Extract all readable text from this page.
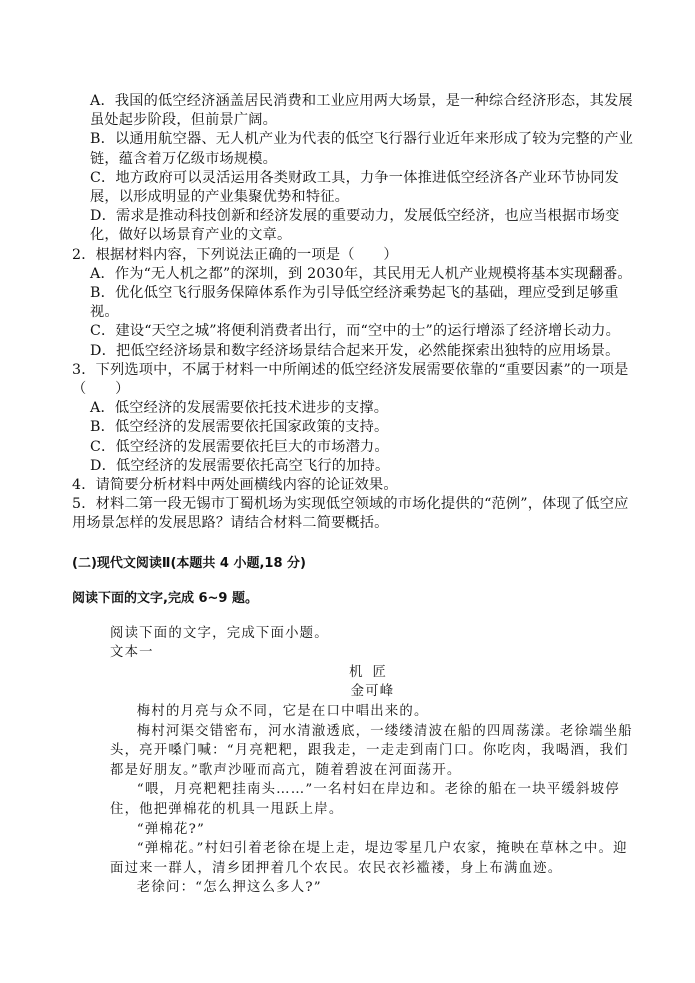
A．我国的低空经济涵盖居民消费和工业应用两大场景，是一种综合经济形态，其发展虽处起步阶段，但前景广阔。

B．以通用航空器、无人机产业为代表的低空飞行器行业近年来形成了较为完整的产业链，蕴含着万亿级市场规模。

C．地方政府可以灵活运用各类财政工具，力争一体推进低空经济各产业环节协同发展，以形成明显的产业集聚优势和特征。

D．需求是推动科技创新和经济发展的重要动力，发展低空经济，也应当根据市场变化，做好以场景育产业的文章。

2．根据材料内容，下列说法正确的一项是（　　）

A．作为“无人机之都”的深圳，到 2030年，其民用无人机产业规模将基本实现翻番。

B．优化低空飞行服务保障体系作为引导低空经济乘势起飞的基础，理应受到足够重视。

C．建设“天空之城”将便利消费者出行，而“空中的士”的运行增添了经济增长动力。

D．把低空经济场景和数字经济场景结合起来开发，必然能探索出独特的应用场景。

3．下列选项中，不属于材料一中所阐述的低空经济发展需要依靠的“重要因素”的一项是（　　）

A．低空经济的发展需要依托技术进步的支撑。

B．低空经济的发展需要依托国家政策的支持。

C．低空经济的发展需要依托巨大的市场潜力。

D．低空经济的发展需要依托高空飞行的加持。

4．请简要分析材料中两处画横线内容的论证效果。

5．材料二第一段无锡市丁蜀机场为实现低空领域的市场化提供的“范例”，体现了低空应用场景怎样的发展思路？请结合材料二简要概括。

(二)现代文阅读Ⅱ(本题共 4 小题,18 分)
阅读下面的文字,完成 6~9 题。

阅读下面的文字，完成下面小题。

文本一

机匠

金可峰

梅村的月亮与众不同，它是在口中唱出来的。

梅村河渠交错密布，河水清澈透底，一缕缕清波在船的四周荡漾。老徐端坐船头，亮开嗓门喊：“月亮粑粑，跟我走，一走走到南门口。你吃肉，我喝酒，我们都是好朋友。”歌声沙哑而高亢，随着碧波在河面荡开。

“喂，月亮粑粑挂南头……”一名村妇在岸边和。老徐的船在一块平缓斜坡停住，他把弹棉花的机具一甩跃上岸。

“弹棉花?”

“弹棉花。”村妇引着老徐在堤上走，堤边零星几户农家，掩映在草林之中。迎面过来一群人，清乡团押着几个农民。农民衣衫褴褛，身上布满血迹。

老徐问：“怎么押这么多人?”
